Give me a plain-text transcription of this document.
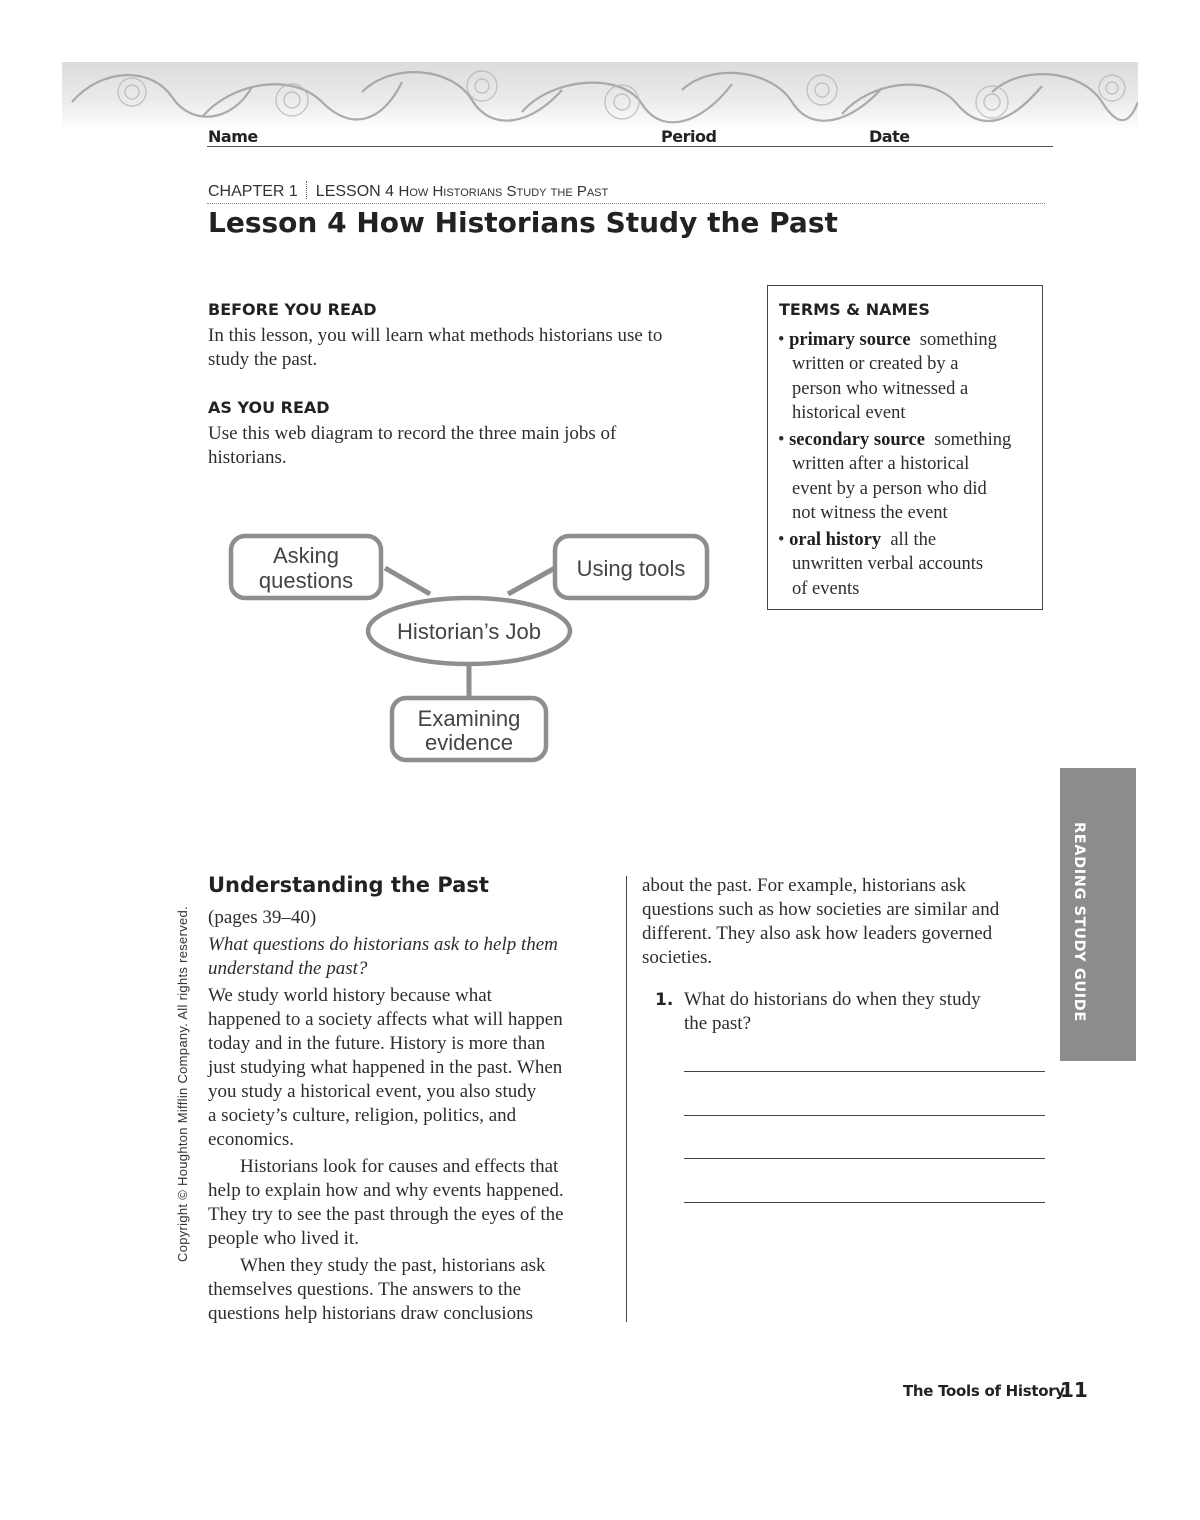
Name	Period	Date
CHAPTER 1 LESSON 4 How Historians Study the Past
Lesson 4 How Historians Study the Past
BEFORE YOU READ
In this lesson, you will learn what methods historians use to
study the past.
AS YOU READ
Use this web diagram to record the three main jobs of
historians.
TERMS & NAMES
• primary source something
written or created by a
person who witnessed a
historical event
• secondary source something
written after a historical
event by a person who did
not witness the event
• oral history all the
unwritten verbal accounts
of events
Asking
questions	Using tools
Historian’s Job
Examining
evidence
READING STUDY GUIDE
Copyright © Houghton Mifflin Company. All rights reserved.
Understanding the Past
(pages 39–40)
What questions do historians ask to help them
understand the past?
We study world history because what
happened to a society affects what will happen
today and in the future. History is more than
just studying what happened in the past. When
you study a historical event, you also study
a society’s culture, religion, politics, and
economics.
Historians look for causes and effects that
help to explain how and why events happened.
They try to see the past through the eyes of the
people who lived it.
When they study the past, historians ask
themselves questions. The answers to the
questions help historians draw conclusions
about the past. For example, historians ask
questions such as how societies are similar and
different. They also ask how leaders governed
societies.
1. What do historians do when they study
the past?
The Tools of History
11
